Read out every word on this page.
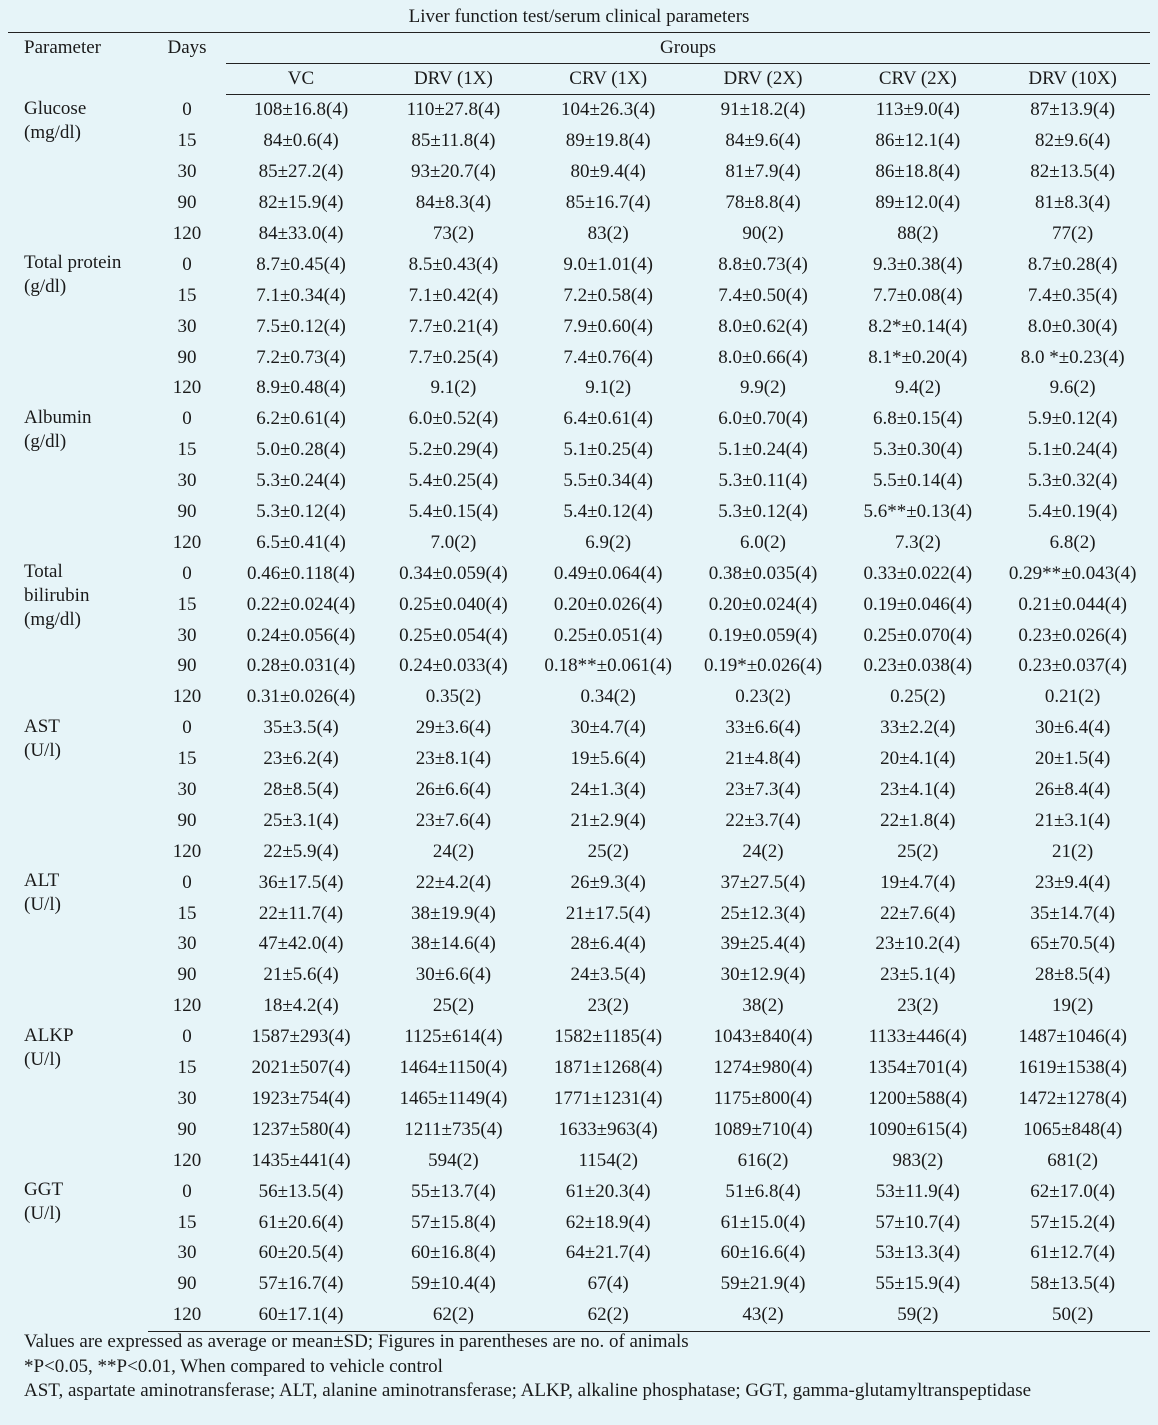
Liver function test/serum clinical parameters							
Parameter	Days	Groups					
		VC	DRV (1X)	CRV (1X)	DRV (2X)	CRV (2X)	DRV (10X)
Glucose
(mg/dl)	0	108±16.8(4)	110±27.8(4)	104±26.3(4)	91±18.2(4)	113±9.0(4)	87±13.9(4)
	15	84±0.6(4)	85±11.8(4)	89±19.8(4)	84±9.6(4)	86±12.1(4)	82±9.6(4)
	30	85±27.2(4)	93±20.7(4)	80±9.4(4)	81±7.9(4)	86±18.8(4)	82±13.5(4)
	90	82±15.9(4)	84±8.3(4)	85±16.7(4)	78±8.8(4)	89±12.0(4)	81±8.3(4)
	120	84±33.0(4)	73(2)	83(2)	90(2)	88(2)	77(2)
Total protein
(g/dl)	0	8.7±0.45(4)	8.5±0.43(4)	9.0±1.01(4)	8.8±0.73(4)	9.3±0.38(4)	8.7±0.28(4)
	15	7.1±0.34(4)	7.1±0.42(4)	7.2±0.58(4)	7.4±0.50(4)	7.7±0.08(4)	7.4±0.35(4)
	30	7.5±0.12(4)	7.7±0.21(4)	7.9±0.60(4)	8.0±0.62(4)	8.2*±0.14(4)	8.0±0.30(4)
	90	7.2±0.73(4)	7.7±0.25(4)	7.4±0.76(4)	8.0±0.66(4)	8.1*±0.20(4)	8.0 *±0.23(4)
	120	8.9±0.48(4)	9.1(2)	9.1(2)	9.9(2)	9.4(2)	9.6(2)
Albumin
(g/dl)	0	6.2±0.61(4)	6.0±0.52(4)	6.4±0.61(4)	6.0±0.70(4)	6.8±0.15(4)	5.9±0.12(4)
	15	5.0±0.28(4)	5.2±0.29(4)	5.1±0.25(4)	5.1±0.24(4)	5.3±0.30(4)	5.1±0.24(4)
	30	5.3±0.24(4)	5.4±0.25(4)	5.5±0.34(4)	5.3±0.11(4)	5.5±0.14(4)	5.3±0.32(4)
	90	5.3±0.12(4)	5.4±0.15(4)	5.4±0.12(4)	5.3±0.12(4)	5.6**±0.13(4)	5.4±0.19(4)
	120	6.5±0.41(4)	7.0(2)	6.9(2)	6.0(2)	7.3(2)	6.8(2)
Total
bilirubin
(mg/dl)	0	0.46±0.118(4)	0.34±0.059(4)	0.49±0.064(4)	0.38±0.035(4)	0.33±0.022(4)	0.29**±0.043(4)
	15	0.22±0.024(4)	0.25±0.040(4)	0.20±0.026(4)	0.20±0.024(4)	0.19±0.046(4)	0.21±0.044(4)
	30	0.24±0.056(4)	0.25±0.054(4)	0.25±0.051(4)	0.19±0.059(4)	0.25±0.070(4)	0.23±0.026(4)
	90	0.28±0.031(4)	0.24±0.033(4)	0.18**±0.061(4)	0.19*±0.026(4)	0.23±0.038(4)	0.23±0.037(4)
	120	0.31±0.026(4)	0.35(2)	0.34(2)	0.23(2)	0.25(2)	0.21(2)
AST
(U/l)	0	35±3.5(4)	29±3.6(4)	30±4.7(4)	33±6.6(4)	33±2.2(4)	30±6.4(4)
	15	23±6.2(4)	23±8.1(4)	19±5.6(4)	21±4.8(4)	20±4.1(4)	20±1.5(4)
	30	28±8.5(4)	26±6.6(4)	24±1.3(4)	23±7.3(4)	23±4.1(4)	26±8.4(4)
	90	25±3.1(4)	23±7.6(4)	21±2.9(4)	22±3.7(4)	22±1.8(4)	21±3.1(4)
	120	22±5.9(4)	24(2)	25(2)	24(2)	25(2)	21(2)
ALT
(U/l)	0	36±17.5(4)	22±4.2(4)	26±9.3(4)	37±27.5(4)	19±4.7(4)	23±9.4(4)
	15	22±11.7(4)	38±19.9(4)	21±17.5(4)	25±12.3(4)	22±7.6(4)	35±14.7(4)
	30	47±42.0(4)	38±14.6(4)	28±6.4(4)	39±25.4(4)	23±10.2(4)	65±70.5(4)
	90	21±5.6(4)	30±6.6(4)	24±3.5(4)	30±12.9(4)	23±5.1(4)	28±8.5(4)
	120	18±4.2(4)	25(2)	23(2)	38(2)	23(2)	19(2)
ALKP
(U/l)	0	1587±293(4)	1125±614(4)	1582±1185(4)	1043±840(4)	1133±446(4)	1487±1046(4)
	15	2021±507(4)	1464±1150(4)	1871±1268(4)	1274±980(4)	1354±701(4)	1619±1538(4)
	30	1923±754(4)	1465±1149(4)	1771±1231(4)	1175±800(4)	1200±588(4)	1472±1278(4)
	90	1237±580(4)	1211±735(4)	1633±963(4)	1089±710(4)	1090±615(4)	1065±848(4)
	120	1435±441(4)	594(2)	1154(2)	616(2)	983(2)	681(2)
GGT
(U/l)	0	56±13.5(4)	55±13.7(4)	61±20.3(4)	51±6.8(4)	53±11.9(4)	62±17.0(4)
	15	61±20.6(4)	57±15.8(4)	62±18.9(4)	61±15.0(4)	57±10.7(4)	57±15.2(4)
	30	60±20.5(4)	60±16.8(4)	64±21.7(4)	60±16.6(4)	53±13.3(4)	61±12.7(4)
	90	57±16.7(4)	59±10.4(4)	67(4)	59±21.9(4)	55±15.9(4)	58±13.5(4)
	120	60±17.1(4)	62(2)	62(2)	43(2)	59(2)	50(2)
Values are expressed as average or mean±SD; Figures in parentheses are no. of animals
*P<0.05, **P<0.01, When compared to vehicle control
AST, aspartate aminotransferase; ALT, alanine aminotransferase; ALKP, alkaline phosphatase; GGT, gamma-glutamyltranspeptidase
